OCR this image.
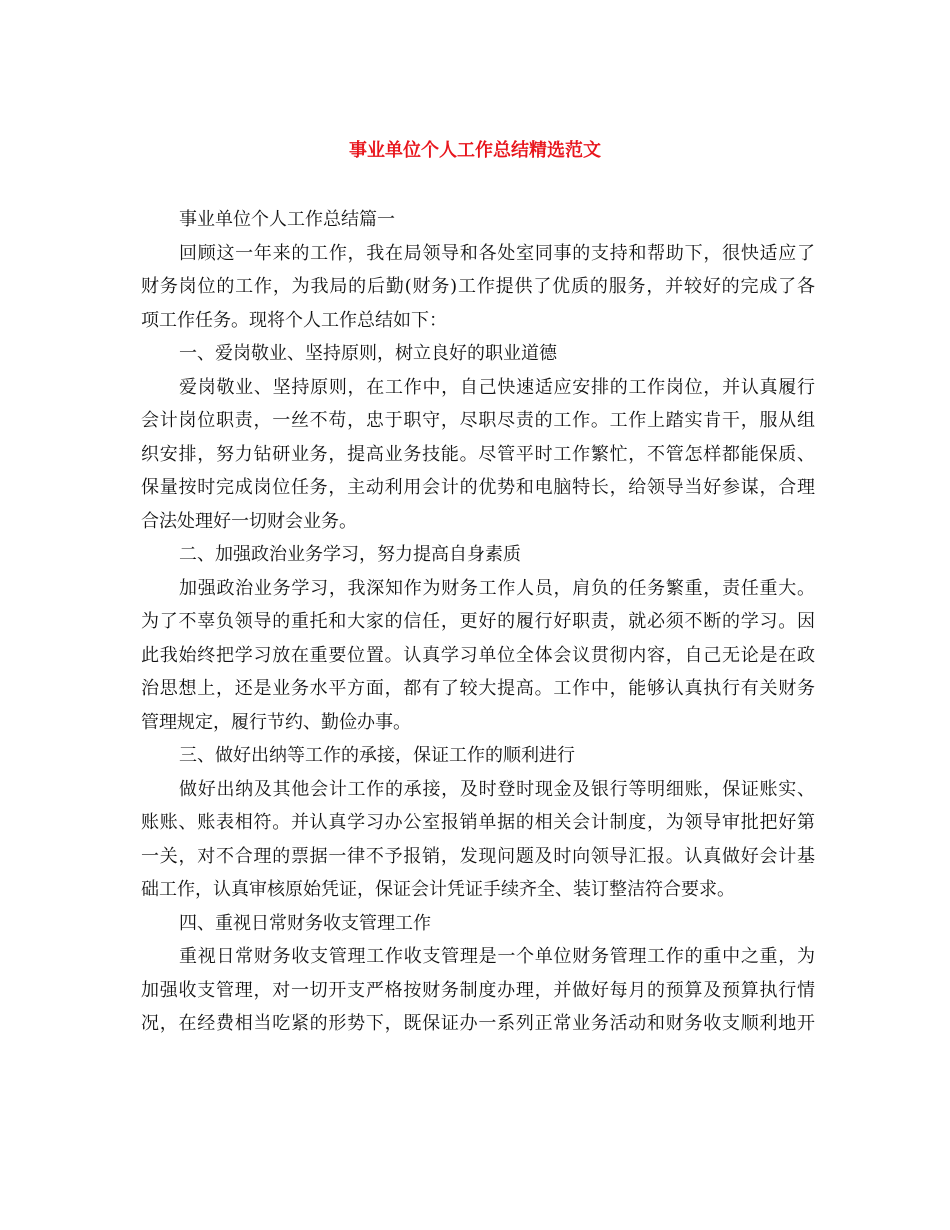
事业单位个人工作总结精选范文
事业单位个人工作总结篇一
回顾这一年来的工作，我在局领导和各处室同事的支持和帮助下，很快适应了
财务岗位的工作，为我局的后勤(财务)工作提供了优质的服务，并较好的完成了各
项工作任务。现将个人工作总结如下：
一、爱岗敬业、坚持原则，树立良好的职业道德
爱岗敬业、坚持原则，在工作中，自己快速适应安排的工作岗位，并认真履行
会计岗位职责，一丝不苟，忠于职守，尽职尽责的工作。工作上踏实肯干，服从组
织安排，努力钻研业务，提高业务技能。尽管平时工作繁忙，不管怎样都能保质、
保量按时完成岗位任务，主动利用会计的优势和电脑特长，给领导当好参谋，合理
合法处理好一切财会业务。
二、加强政治业务学习，努力提高自身素质
加强政治业务学习，我深知作为财务工作人员，肩负的任务繁重，责任重大。
为了不辜负领导的重托和大家的信任，更好的履行好职责，就必须不断的学习。因
此我始终把学习放在重要位置。认真学习单位全体会议贯彻内容，自己无论是在政
治思想上，还是业务水平方面，都有了较大提高。工作中，能够认真执行有关财务
管理规定，履行节约、勤俭办事。
三、做好出纳等工作的承接，保证工作的顺利进行
做好出纳及其他会计工作的承接，及时登时现金及银行等明细账，保证账实、
账账、账表相符。并认真学习办公室报销单据的相关会计制度，为领导审批把好第
一关，对不合理的票据一律不予报销，发现问题及时向领导汇报。认真做好会计基
础工作，认真审核原始凭证，保证会计凭证手续齐全、装订整洁符合要求。
四、重视日常财务收支管理工作
重视日常财务收支管理工作收支管理是一个单位财务管理工作的重中之重，为
加强收支管理，对一切开支严格按财务制度办理，并做好每月的预算及预算执行情
况，在经费相当吃紧的形势下，既保证办一系列正常业务活动和财务收支顺利地开
